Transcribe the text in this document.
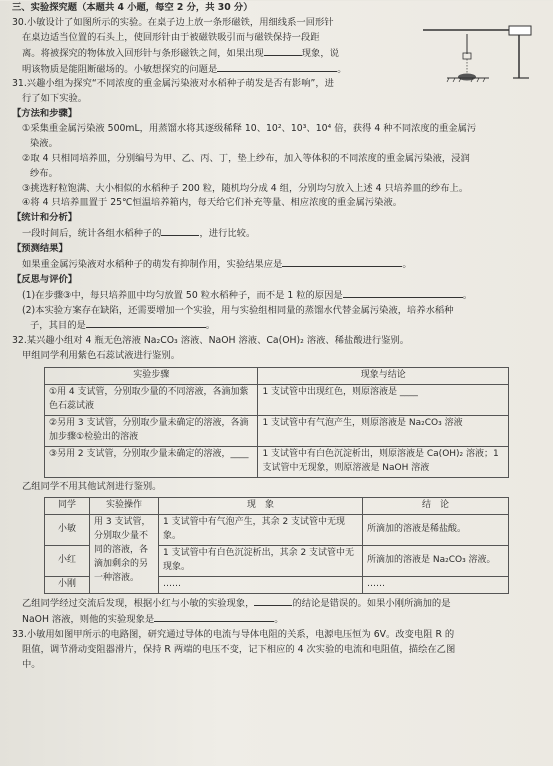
三、实验探究题（本题共 4 小题，每空 2 分，共 30 分）

30.小敏设计了如图所示的实验。在桌子边上放一条形磁铁，用细线系一回形针

在桌边适当位置的石头上，使回形针由于被磁铁吸引而与磁铁保持一段距

离。将被探究的物体放入回形针与条形磁铁之间，如果出现	现象，说

明该物质是能阻断磁场的。小敏想探究的问题是	。

31.兴趣小组为探究“不同浓度的重金属污染液对水稻种子萌发是否有影响”，进

行了如下实验。

【方法和步骤】

①采集重金属污染液 500mL，用蒸馏水将其逐级稀释 10、10²、10³、10⁴ 倍，获得 4 种不同浓度的重金属污

染液。

②取 4 只相同培养皿，分别编号为甲、乙、丙、丁，垫上纱布，加入等体积的不同浓度的重金属污染液，浸润

纱布。

③挑选籽粒饱满、大小相似的水稻种子 200 粒，随机均分成 4 组，分别均匀放入上述 4 只培养皿的纱布上。

④将 4 只培养皿置于 25℃恒温培养箱内，每天给它们补充等量、相应浓度的重金属污染液。

【统计和分析】

一段时间后，统计各组水稻种子的	，进行比较。

【预测结果】

如果重金属污染液对水稻种子的萌发有抑制作用，实验结果应是	。

【反思与评价】

(1)在步骤③中，每只培养皿中均匀放置 50 粒水稻种子，而不是 1 粒的原因是	。

(2)本实验方案存在缺陷，还需要增加一个实验，用与实验组相同量的蒸馏水代替金属污染液，培养水稻种

子，其目的是	。

32.某兴趣小组对 4 瓶无色溶液 Na₂CO₃ 溶液、NaOH 溶液、Ca(OH)₂ 溶液、稀盐酸进行鉴别。

甲组同学利用紫色石蕊试液进行鉴别。

实验步骤	现象与结论
①用 4 支试管，分别取少量的不同溶液，各滴加紫色石蕊试液	1 支试管中出现红色，则原溶液是 ____
②另用 3 支试管，分别取少量未确定的溶液，各滴加步骤①检验出的溶液	1 支试管中有气泡产生，则原溶液是 Na₂CO₃ 溶液
③另用 2 支试管，分别取少量未确定的溶液，____	1 支试管中有白色沉淀析出，则原溶液是 Ca(OH)₂ 溶液；1 支试管中无现象，则原溶液是 NaOH 溶液

乙组同学不用其他试剂进行鉴别。

同学	实验操作	现　象	结　论
小敏	用 3 支试管，分别取少量不同的溶液，各滴加剩余的另一种溶液。	1 支试管中有气泡产生，其余 2 支试管中无现象。	所滴加的溶液是稀盐酸。
小红		1 支试管中有白色沉淀析出，其余 2 支试管中无现象。	所滴加的溶液是 Na₂CO₃ 溶液。
小刚		……	……

乙组同学经过交流后发现，根据小红与小敏的实验现象，	的结论是错误的。如果小刚所滴加的是

NaOH 溶液，则他的实验现象是	。

33.小敏用如图甲所示的电路图，研究通过导体的电流与导体电阻的关系，电源电压恒为 6V。改变电阻 R 的

阻值，调节滑动变阻器滑片，保持 R 两端的电压不变，记下相应的 4 次实验的电流和电阻值，描绘在乙图

中。
